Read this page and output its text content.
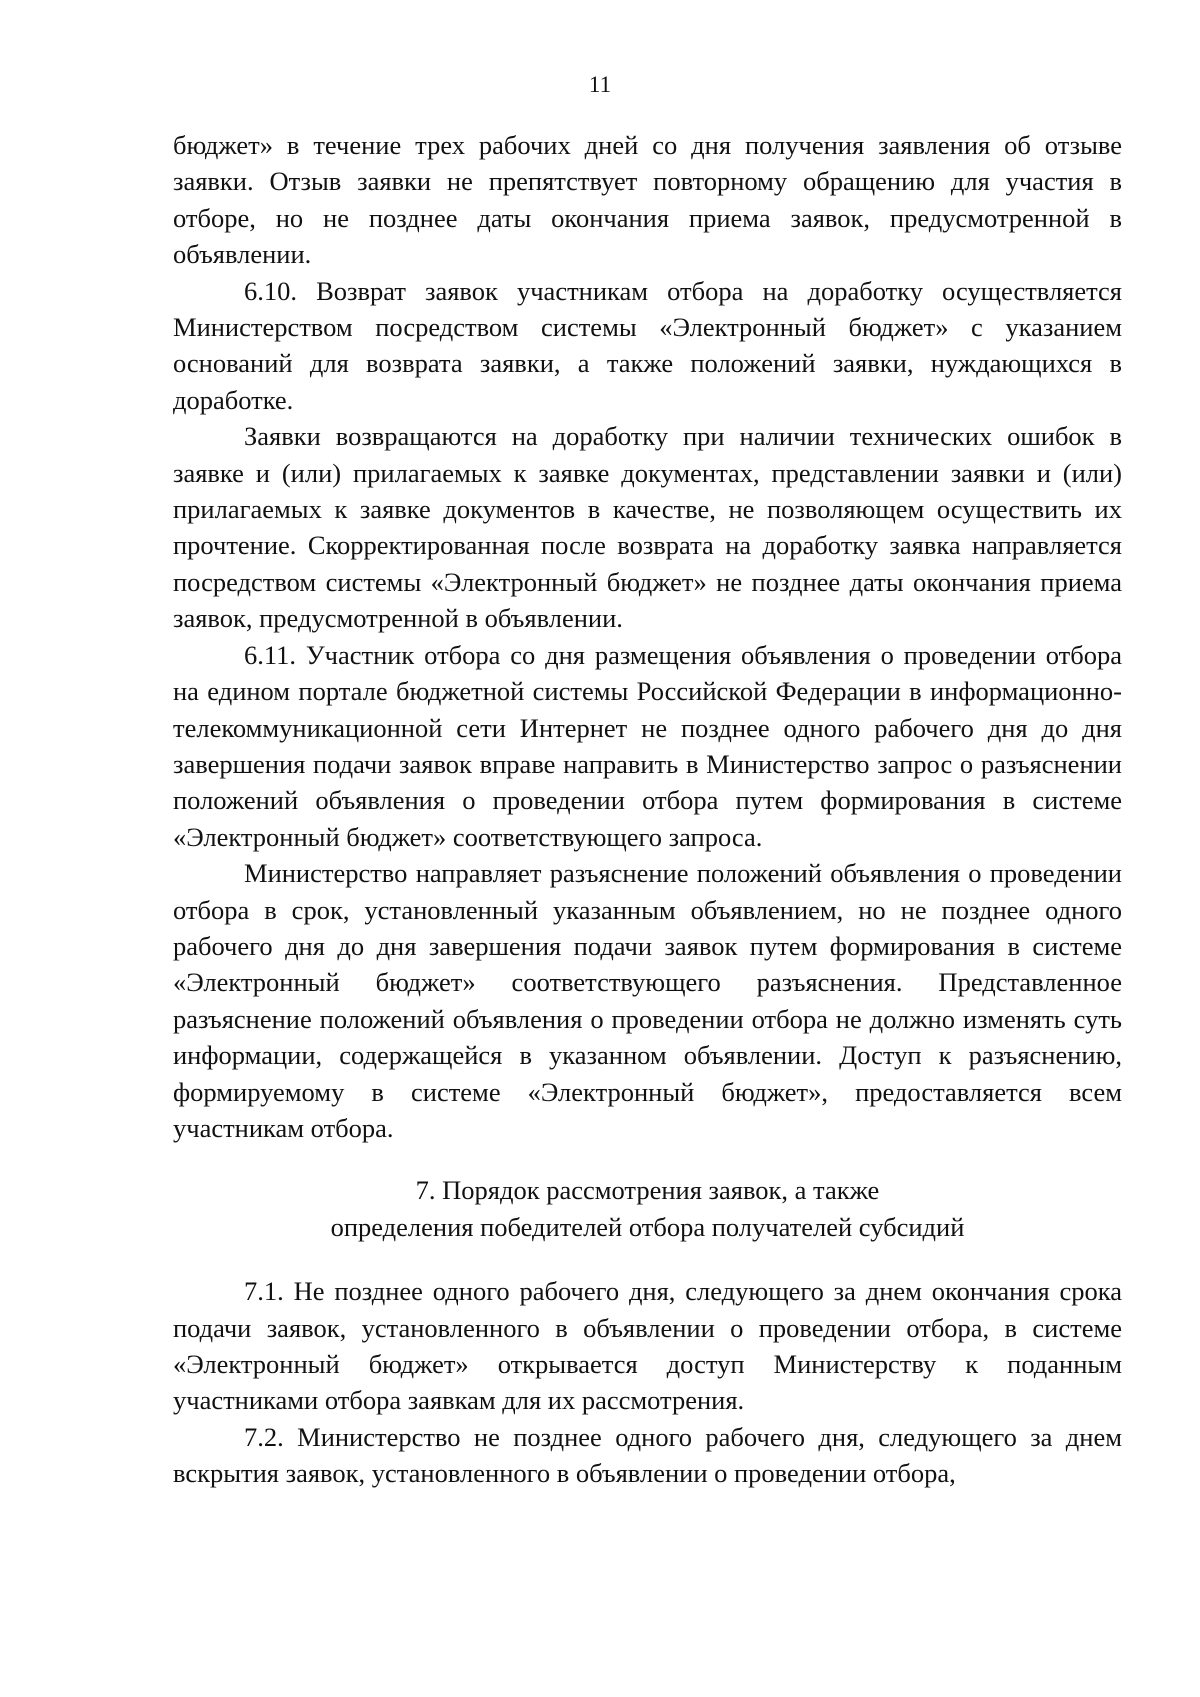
11

бюджет» в течение трех рабочих дней со дня получения заявления об отзыве заявки. Отзыв заявки не препятствует повторному обращению для участия в отборе, но не позднее даты окончания приема заявок, предусмотренной в объявлении.

6.10. Возврат заявок участникам отбора на доработку осуществляется Министерством посредством системы «Электронный бюджет» с указанием оснований для возврата заявки, а также положений заявки, нуждающихся в доработке.

Заявки возвращаются на доработку при наличии технических ошибок в заявке и (или) прилагаемых к заявке документах, представлении заявки и (или) прилагаемых к заявке документов в качестве, не позволяющем осуществить их прочтение. Скорректированная после возврата на доработку заявка направляется посредством системы «Электронный бюджет» не позднее даты окончания приема заявок, предусмотренной в объявлении.

6.11. Участник отбора со дня размещения объявления о проведении отбора на едином портале бюджетной системы Российской Федерации в информационно-телекоммуникационной сети Интернет не позднее одного рабочего дня до дня завершения подачи заявок вправе направить в Министерство запрос о разъяснении положений объявления о проведении отбора путем формирования в системе «Электронный бюджет» соответствующего запроса.

Министерство направляет разъяснение положений объявления о проведении отбора в срок, установленный указанным объявлением, но не позднее одного рабочего дня до дня завершения подачи заявок путем формирования в системе «Электронный бюджет» соответствующего разъяснения. Представленное разъяснение положений объявления о проведении отбора не должно изменять суть информации, содержащейся в указанном объявлении. Доступ к разъяснению, формируемому в системе «Электронный бюджет», предоставляется всем участникам отбора.

7. Порядок рассмотрения заявок, а также
определения победителей отбора получателей субсидий

7.1. Не позднее одного рабочего дня, следующего за днем окончания срока подачи заявок, установленного в объявлении о проведении отбора, в системе «Электронный бюджет» открывается доступ Министерству к поданным участниками отбора заявкам для их рассмотрения.

7.2. Министерство не позднее одного рабочего дня, следующего за днем вскрытия заявок, установленного в объявлении о проведении отбора,
